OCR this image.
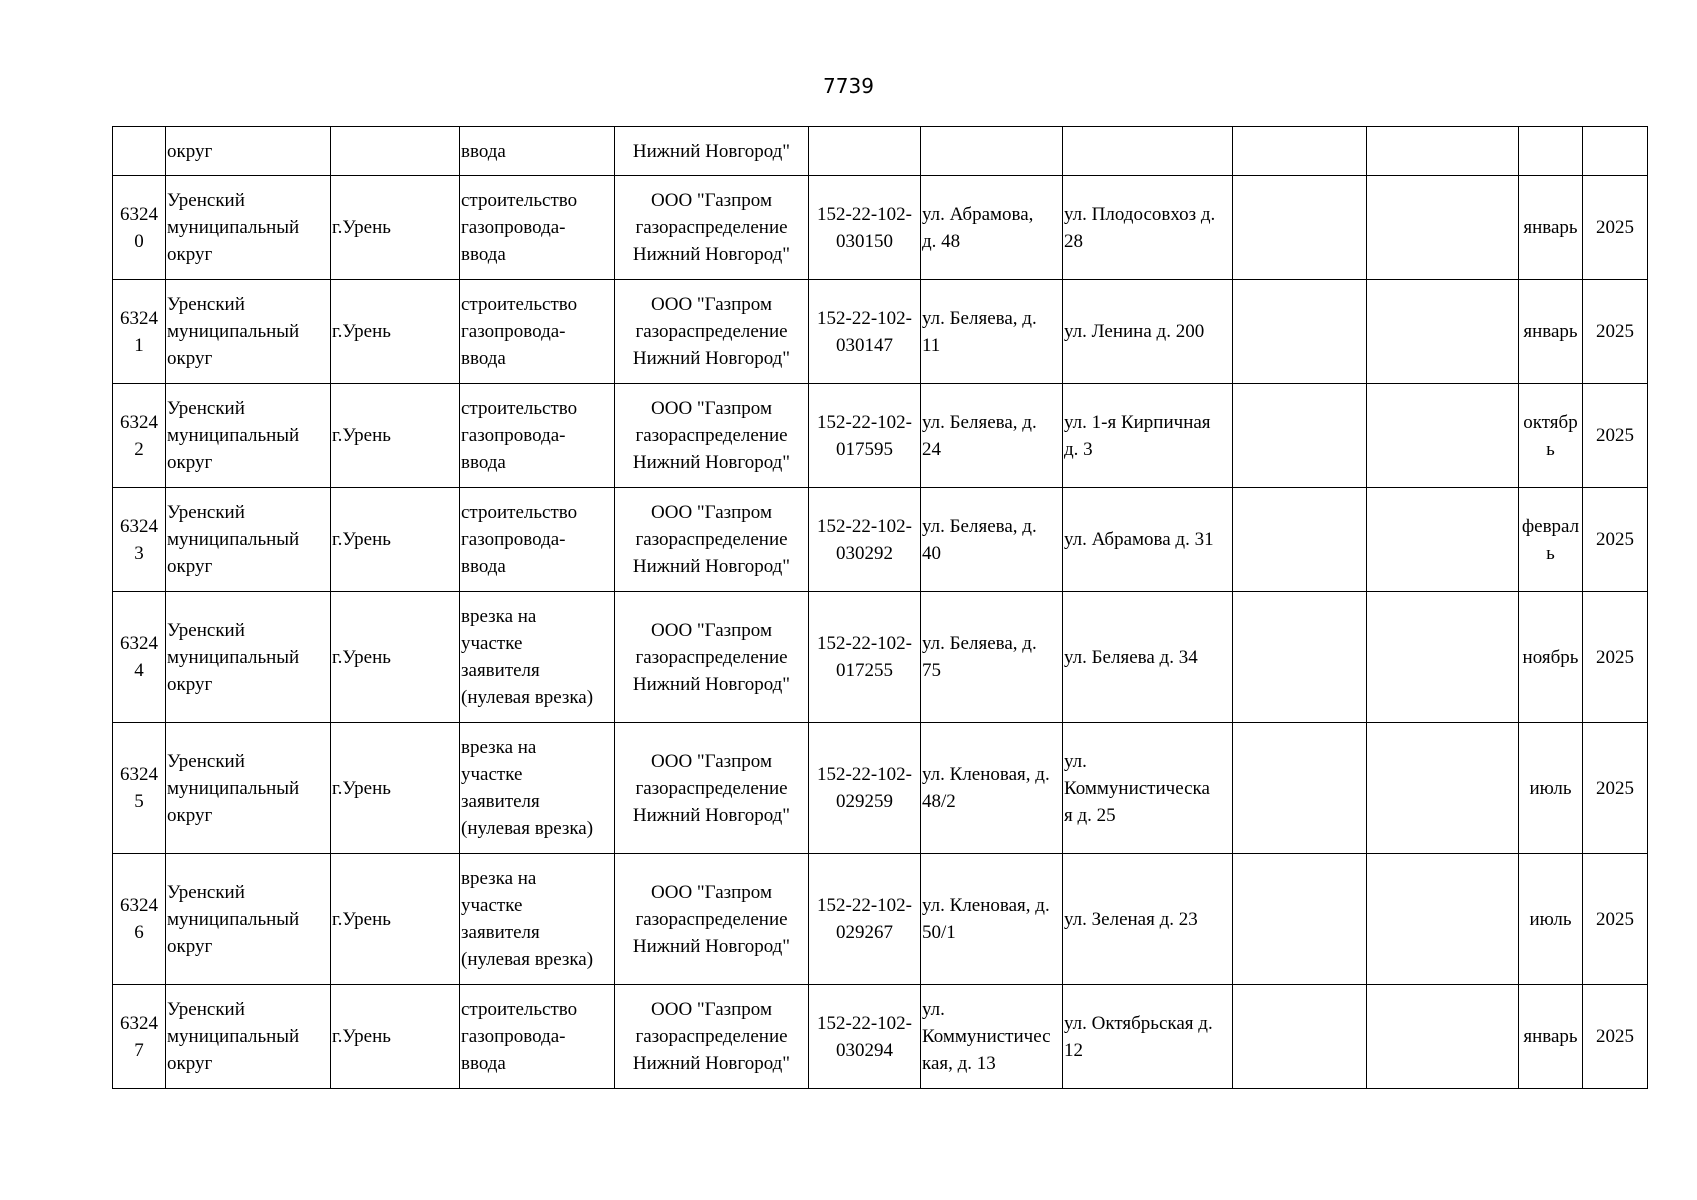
7739

	округ		ввода	Нижний Новгород"							

6324
0	Уренский
муниципальный
округ	г.Урень	строительство
газопровода-
ввода	ООО "Газпром
газораспределение
Нижний Новгород"	152-22-102-
030150	ул. Абрамова,
д. 48	ул. Плодосовхоз д.
28			январь	2025

6324
1	Уренский
муниципальный
округ	г.Урень	строительство
газопровода-
ввода	ООО "Газпром
газораспределение
Нижний Новгород"	152-22-102-
030147	ул. Беляева, д.
11	ул. Ленина д. 200			январь	2025

6324
2	Уренский
муниципальный
округ	г.Урень	строительство
газопровода-
ввода	ООО "Газпром
газораспределение
Нижний Новгород"	152-22-102-
017595	ул. Беляева, д.
24	ул. 1-я Кирпичная
д. 3			октябр
ь	2025

6324
3	Уренский
муниципальный
округ	г.Урень	строительство
газопровода-
ввода	ООО "Газпром
газораспределение
Нижний Новгород"	152-22-102-
030292	ул. Беляева, д.
40	ул. Абрамова д. 31			феврал
ь	2025

6324
4	Уренский
муниципальный
округ	г.Урень	врезка на
участке
заявителя
(нулевая врезка)	ООО "Газпром
газораспределение
Нижний Новгород"	152-22-102-
017255	ул. Беляева, д.
75	ул. Беляева д. 34			ноябрь	2025

6324
5	Уренский
муниципальный
округ	г.Урень	врезка на
участке
заявителя
(нулевая врезка)	ООО "Газпром
газораспределение
Нижний Новгород"	152-22-102-
029259	ул. Кленовая, д.
48/2	ул.
Коммунистическа
я д. 25			июль	2025

6324
6	Уренский
муниципальный
округ	г.Урень	врезка на
участке
заявителя
(нулевая врезка)	ООО "Газпром
газораспределение
Нижний Новгород"	152-22-102-
029267	ул. Кленовая, д.
50/1	ул. Зеленая д. 23			июль	2025

6324
7	Уренский
муниципальный
округ	г.Урень	строительство
газопровода-
ввода	ООО "Газпром
газораспределение
Нижний Новгород"	152-22-102-
030294	ул.
Коммунистичес
кая, д. 13	ул. Октябрьская д.
12			январь	2025
